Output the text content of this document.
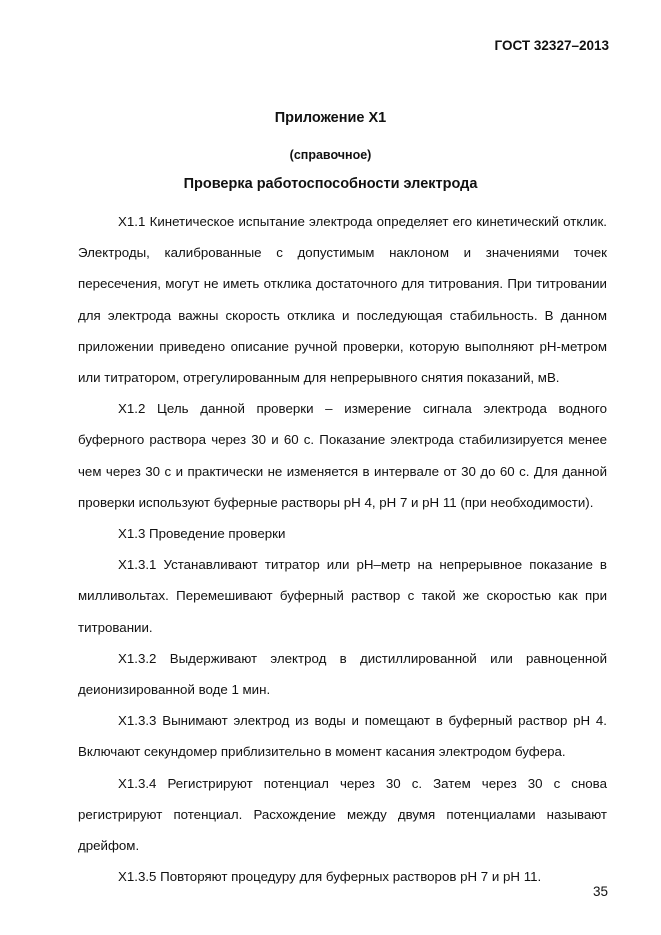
ГОСТ 32327–2013
Приложение Х1
(справочное)
Проверка работоспособности электрода

Х1.1 Кинетическое испытание электрода определяет его кинетический отклик. Электроды, калиброванные с допустимым наклоном и значениями точек пересечения, могут не иметь отклика достаточного для титрования. При титровании для электрода важны скорость отклика и последующая стабильность. В данном приложении приведено описание ручной проверки, которую выполняют pH-метром или титратором, отрегулированным для непрерывного снятия показаний, мВ.

Х1.2 Цель данной проверки – измерение сигнала электрода водного буферного раствора через 30 и 60 с. Показание электрода стабилизируется менее чем через 30 с и практически не изменяется в интервале от 30 до 60 с. Для данной проверки используют буферные растворы pH 4, pH 7 и pH 11 (при необходимости).

Х1.3 Проведение проверки

Х1.3.1 Устанавливают титратор или pH–метр на непрерывное показание в милливольтах. Перемешивают буферный раствор с такой же скоростью как при титровании.

Х1.3.2 Выдерживают электрод в дистиллированной или равноценной деионизированной воде 1 мин.

Х1.3.3 Вынимают электрод из воды и помещают в буферный раствор pH 4. Включают секундомер приблизительно в момент касания электродом буфера.

Х1.3.4 Регистрируют потенциал через 30 с. Затем через 30 с снова регистрируют потенциал. Расхождение между двумя потенциалами называют дрейфом.

Х1.3.5 Повторяют процедуру для буферных растворов pH 7 и pH 11.

35
